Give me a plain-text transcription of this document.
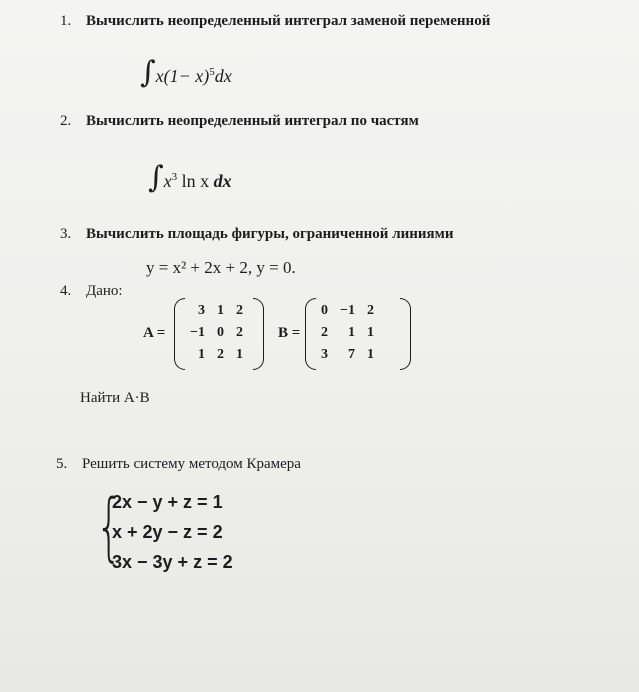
1. Вычислить неопределенный интеграл заменой переменной
$\int x(1- x)^5dx$
2. Вычислить неопределенный интеграл по частям
$\int x^3$ ln x dx
3. Вычислить площадь фигуры, ограниченной линиями
y = x² + 2x + 2, y = 0.
4. Дано:
A =
3	1	2
−1	0	2
1	2	1
B =
0	−1	2
2	1	1
3	7	1
Найти A·B
5. Решить систему методом Крамера
{
2x − y + z = 1
x + 2y − z = 2
3x − 3y + z = 2
